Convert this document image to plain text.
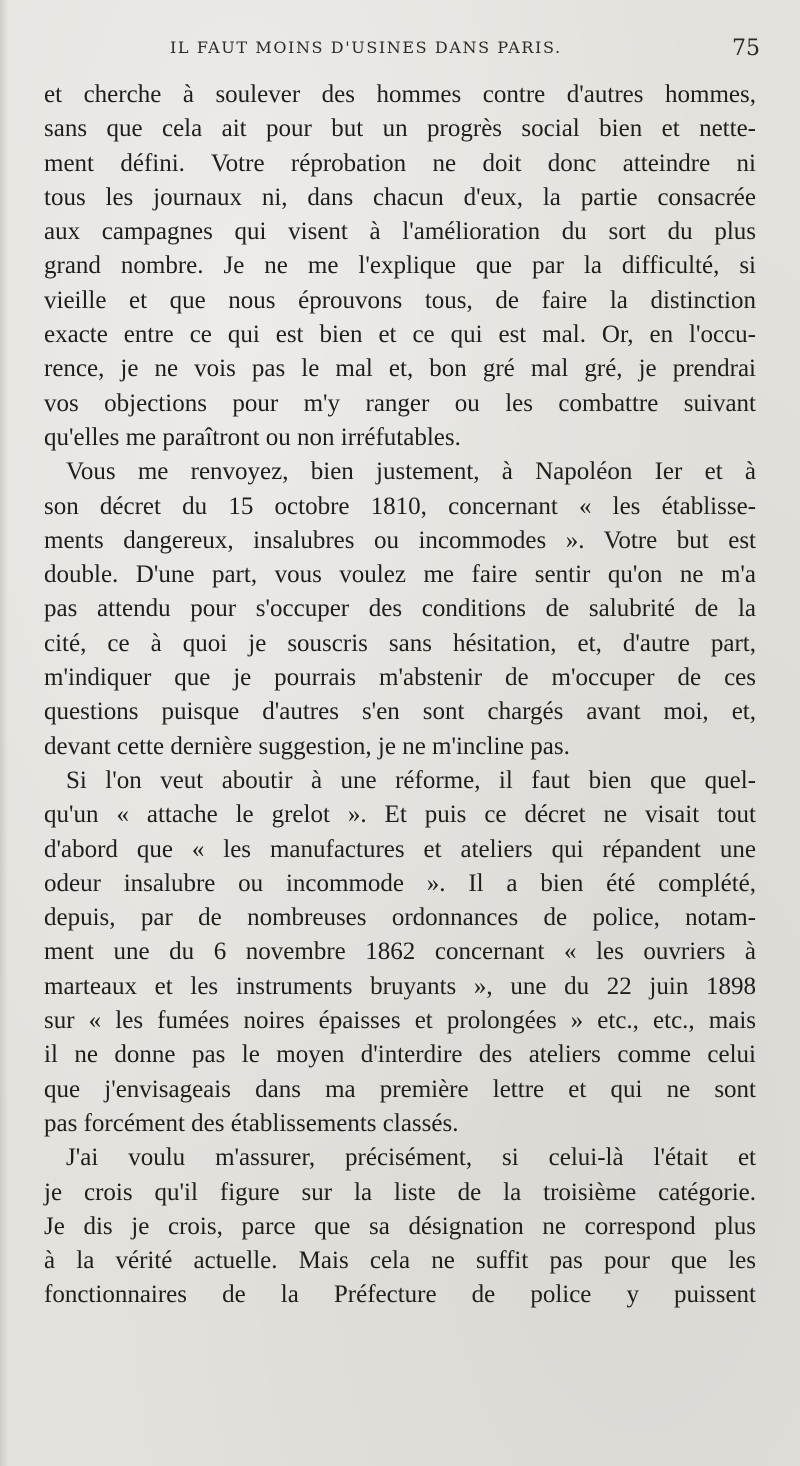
IL FAUT MOINS D'USINES DANS PARIS.	75
et cherche à soulever des hommes contre d'autres hommes,
sans que cela ait pour but un progrès social bien et nette-
ment défini. Votre réprobation ne doit donc atteindre ni
tous les journaux ni, dans chacun d'eux, la partie consacrée
aux campagnes qui visent à l'amélioration du sort du plus
grand nombre. Je ne me l'explique que par la difficulté, si
vieille et que nous éprouvons tous, de faire la distinction
exacte entre ce qui est bien et ce qui est mal. Or, en l'occu-
rence, je ne vois pas le mal et, bon gré mal gré, je prendrai
vos objections pour m'y ranger ou les combattre suivant
qu'elles me paraîtront ou non irréfutables.
Vous me renvoyez, bien justement, à Napoléon Ier et à
son décret du 15 octobre 1810, concernant « les établisse-
ments dangereux, insalubres ou incommodes ». Votre but est
double. D'une part, vous voulez me faire sentir qu'on ne m'a
pas attendu pour s'occuper des conditions de salubrité de la
cité, ce à quoi je souscris sans hésitation, et, d'autre part,
m'indiquer que je pourrais m'abstenir de m'occuper de ces
questions puisque d'autres s'en sont chargés avant moi, et,
devant cette dernière suggestion, je ne m'incline pas.
Si l'on veut aboutir à une réforme, il faut bien que quel-
qu'un « attache le grelot ». Et puis ce décret ne visait tout
d'abord que « les manufactures et ateliers qui répandent une
odeur insalubre ou incommode ». Il a bien été complété,
depuis, par de nombreuses ordonnances de police, notam-
ment une du 6 novembre 1862 concernant « les ouvriers à
marteaux et les instruments bruyants », une du 22 juin 1898
sur « les fumées noires épaisses et prolongées » etc., etc., mais
il ne donne pas le moyen d'interdire des ateliers comme celui
que j'envisageais dans ma première lettre et qui ne sont
pas forcément des établissements classés.
J'ai voulu m'assurer, précisément, si celui-là l'était et
je crois qu'il figure sur la liste de la troisième catégorie.
Je dis je crois, parce que sa désignation ne correspond plus
à la vérité actuelle. Mais cela ne suffit pas pour que les
fonctionnaires de la Préfecture de police y puissent
